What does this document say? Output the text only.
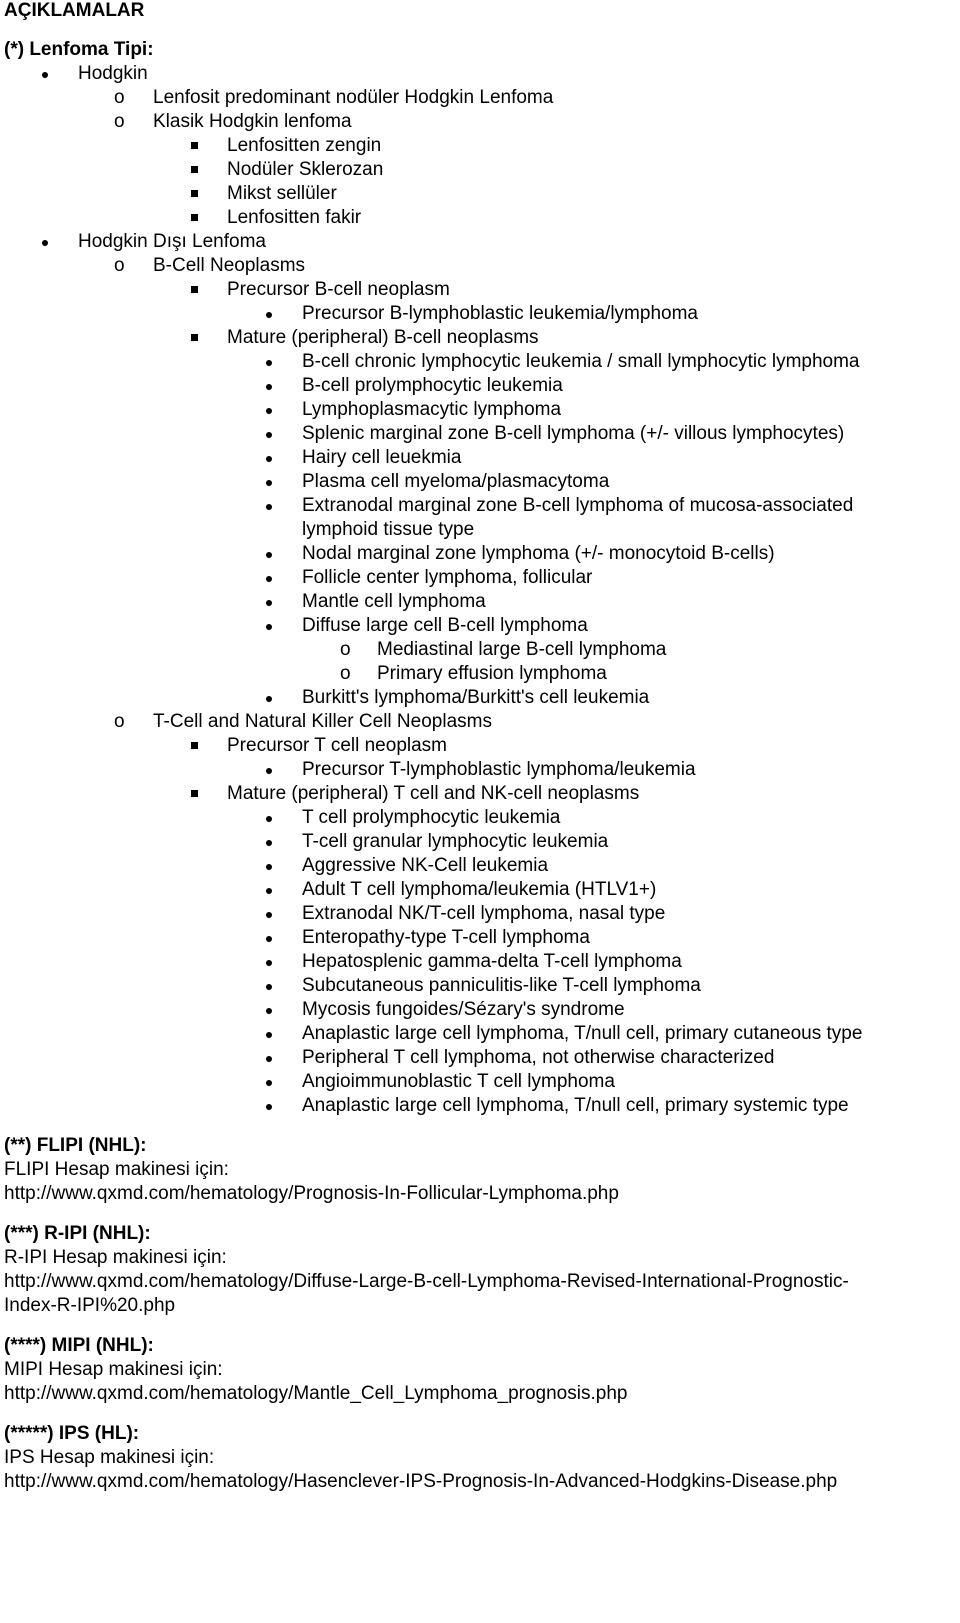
AÇIKLAMALAR
(*) Lenfoma Tipi:
Hodgkin
o	Lenfosit predominant nodüler Hodgkin Lenfoma
o	Klasik Hodgkin lenfoma
Lenfositten zengin
Nodüler Sklerozan
Mikst sellüler
Lenfositten fakir
Hodgkin Dışı Lenfoma
o	B-Cell Neoplasms
Precursor B-cell neoplasm
Precursor B-lymphoblastic leukemia/lymphoma
Mature (peripheral) B-cell neoplasms
B-cell chronic lymphocytic leukemia / small lymphocytic lymphoma
B-cell prolymphocytic leukemia
Lymphoplasmacytic lymphoma
Splenic marginal zone B-cell lymphoma (+/- villous lymphocytes)
Hairy cell leuekmia
Plasma cell myeloma/plasmacytoma
Extranodal marginal zone B-cell lymphoma of mucosa-associated
lymphoid tissue type
Nodal marginal zone lymphoma (+/- monocytoid B-cells)
Follicle center lymphoma, follicular
Mantle cell lymphoma
Diffuse large cell B-cell lymphoma
o	Mediastinal large B-cell lymphoma
o	Primary effusion lymphoma
Burkitt's lymphoma/Burkitt's cell leukemia
o	T-Cell and Natural Killer Cell Neoplasms
Precursor T cell neoplasm
Precursor T-lymphoblastic lymphoma/leukemia
Mature (peripheral) T cell and NK-cell neoplasms
T cell prolymphocytic leukemia
T-cell granular lymphocytic leukemia
Aggressive NK-Cell leukemia
Adult T cell lymphoma/leukemia (HTLV1+)
Extranodal NK/T-cell lymphoma, nasal type
Enteropathy-type T-cell lymphoma
Hepatosplenic gamma-delta T-cell lymphoma
Subcutaneous panniculitis-like T-cell lymphoma
Mycosis fungoides/Sézary's syndrome
Anaplastic large cell lymphoma, T/null cell, primary cutaneous type
Peripheral T cell lymphoma, not otherwise characterized
Angioimmunoblastic T cell lymphoma
Anaplastic large cell lymphoma, T/null cell, primary systemic type
(**) FLIPI (NHL):
FLIPI Hesap makinesi için:
http://www.qxmd.com/hematology/Prognosis-In-Follicular-Lymphoma.php
(***) R-IPI (NHL):
R-IPI Hesap makinesi için:
http://www.qxmd.com/hematology/Diffuse-Large-B-cell-Lymphoma-Revised-International-Prognostic-
Index-R-IPI%20.php
(****) MIPI (NHL):
MIPI Hesap makinesi için:
http://www.qxmd.com/hematology/Mantle_Cell_Lymphoma_prognosis.php
(*****) IPS (HL):
IPS Hesap makinesi için:
http://www.qxmd.com/hematology/Hasenclever-IPS-Prognosis-In-Advanced-Hodgkins-Disease.php
